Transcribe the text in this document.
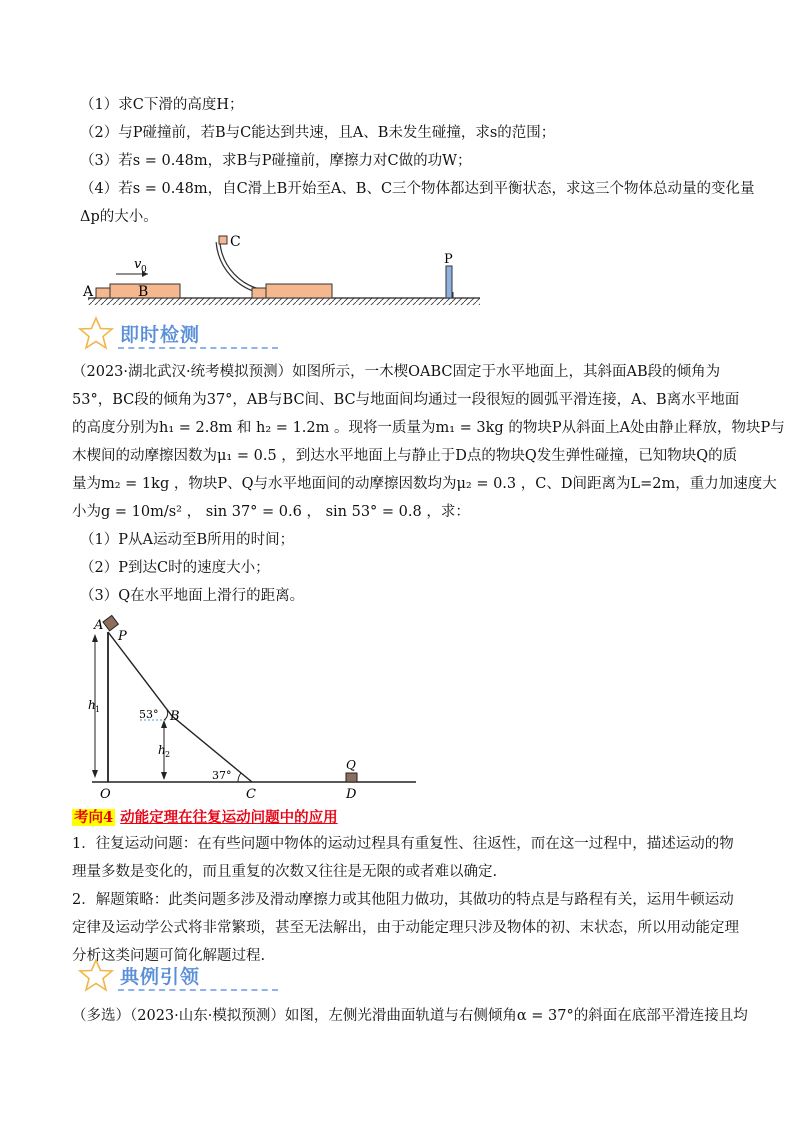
（1）求C下滑的高度H；
（2）与P碰撞前，若B与C能达到共速，且A、B未发生碰撞，求s的范围；
（3）若s = 0.48m，求B与P碰撞前，摩擦力对C做的功W；
（4）若s = 0.48m，自C滑上B开始至A、B、C三个物体都达到平衡状态，求这三个物体总动量的变化量
Δp的大小。
A	B
v 0
C
P
即时检测
（2023·湖北武汉·统考模拟预测）如图所示，一木楔OABC固定于水平地面上，其斜面AB段的倾角为
53°，BC段的倾角为37°，AB与BC间、BC与地面间均通过一段很短的圆弧平滑连接，A、B离水平地面
的高度分别为h₁ = 2.8m 和 h₂ = 1.2m 。现将一质量为m₁ = 3kg 的物块P从斜面上A处由静止释放，物块P与
木楔间的动摩擦因数为μ₁ = 0.5 ，到达水平地面上与静止于D点的物块Q发生弹性碰撞，已知物块Q的质
量为m₂ = 1kg ，物块P、Q与水平地面间的动摩擦因数均为μ₂ = 0.3 ，C、D间距离为L=2m，重力加速度大
小为g = 10m/s² ， sin 37° = 0.6 ， sin 53° = 0.8 ，求：
（1）P从A运动至B所用的时间；
（2）P到达C时的速度大小；
（3）Q在水平地面上滑行的距离。
A
P
h 1	53° B
h 2
37°
Q
O	C	D
考向4 动能定理在往复运动问题中的应用
1．往复运动问题：在有些问题中物体的运动过程具有重复性、往返性，而在这一过程中，描述运动的物
理量多数是变化的，而且重复的次数又往往是无限的或者难以确定.
2．解题策略：此类问题多涉及滑动摩擦力或其他阻力做功，其做功的特点是与路程有关，运用牛顿运动
定律及运动学公式将非常繁琐，甚至无法解出，由于动能定理只涉及物体的初、末状态，所以用动能定理
分析这类问题可简化解题过程.
典例引领
（多选）（2023·山东·模拟预测）如图，左侧光滑曲面轨道与右侧倾角α = 37°的斜面在底部平滑连接且均
